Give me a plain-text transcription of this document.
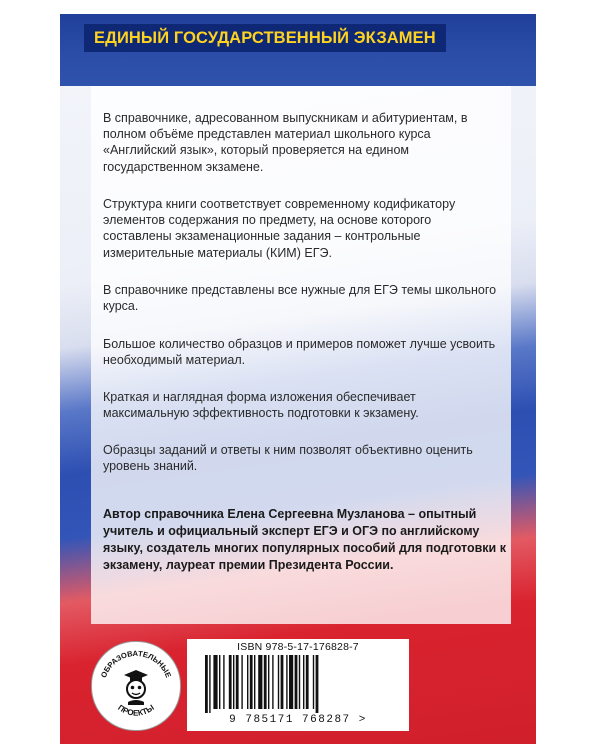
ЕДИНЫЙ ГОСУДАРСТВЕННЫЙ ЭКЗАМЕН

В справочнике, адресованном выпускникам и абитуриентам, в полном объёме представлен материал школьного курса «Английский язык», который проверяется на едином государственном экзамене.

Структура книги соответствует современному кодификатору элементов содержания по предмету, на основе которого составлены экзаменационные задания – контрольные измерительные материалы (КИМ) ЕГЭ.

В справочнике представлены все нужные для ЕГЭ темы школьного курса.

Большое количество образцов и примеров поможет лучше усвоить необходимый материал.

Краткая и наглядная форма изложения обеспечивает максимальную эффективность подготовки к экзамену.

Образцы заданий и ответы к ним позволят объективно оценить уровень знаний.

Автор справочника Елена Сергеевна Музланова – опытный учитель и официальный эксперт ЕГЭ и ОГЭ по английскому языку, создатель многих популярных пособий для подготовки к экзамену, лауреат премии Президента России.

ОБРАЗОВАТЕЛЬНЫЕ
ПРОЕКТЫ
ISBN 978-5-17-176828-7
9 785171 768287 >
